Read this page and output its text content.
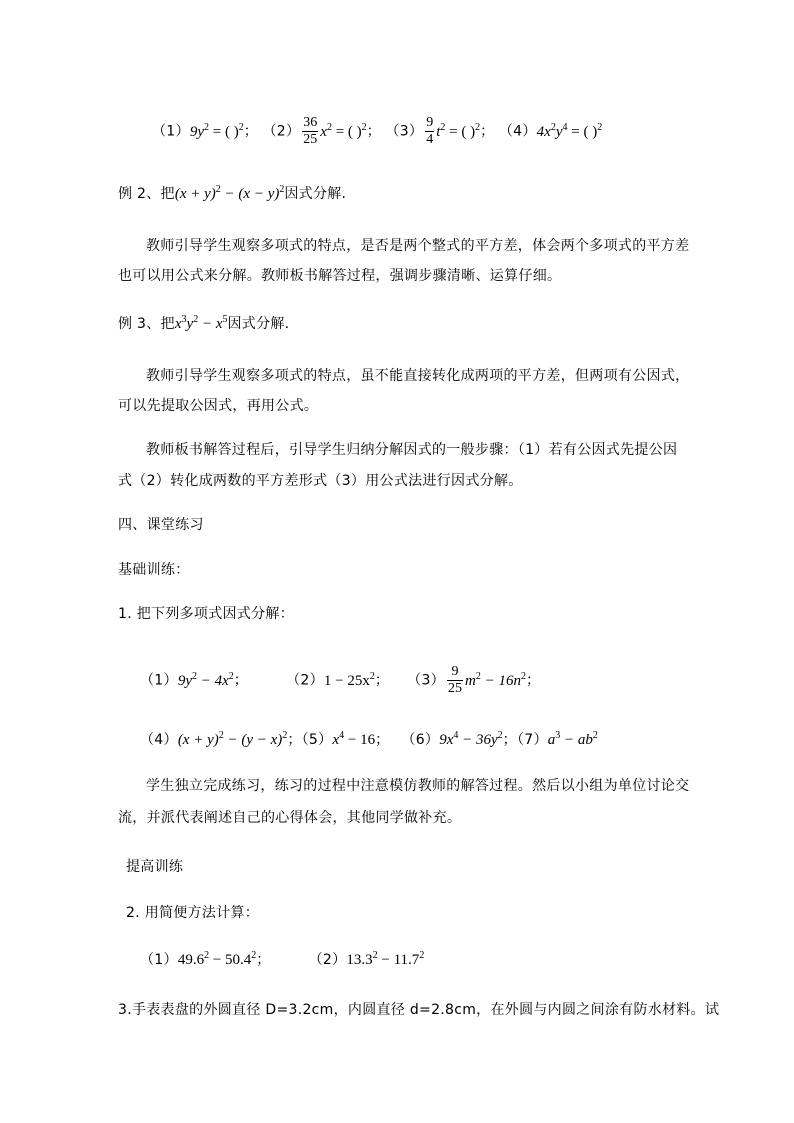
$(1)9y^2$ = ( )$^2$； $(2) \frac{36}{25} x^2$ = ( )$^2$； $(3) \frac{9}{4} t^2$ = ( )$^2$； $(4)4x^2y^4$ = ( )$^2$
例 2、把$(x + y)^2 - (x - y)^2$因式分解.
教师引导学生观察多项式的特点，是否是两个整式的平方差，体会两个多项式的平方差
也可以用公式来分解。教师板书解答过程，强调步骤清晰、运算仔细。
例 3、把$x^3y^2 - x^5$因式分解.
教师引导学生观察多项式的特点，虽不能直接转化成两项的平方差，但两项有公因式，
可以先提取公因式，再用公式。
教师板书解答过程后，引导学生归纳分解因式的一般步骤：（1）若有公因式先提公因
式（2）转化成两数的平方差形式（3）用公式法进行因式分解。
四、课堂练习
基础训练：
1. 把下列多项式因式分解：
$(1)9y^2 - 4x^2$；	$(2)1 - 25x^2$； $(3) \frac{9}{25} m^2 - 16n^2$；
$(4)(x + y)^2 - (y - x)^2$；$(5)x^4 - 16$； $(6)9x^4 - 36y^2$；$(7)a^3 - ab^2$
学生独立完成练习，练习的过程中注意模仿教师的解答过程。然后以小组为单位讨论交
流，并派代表阐述自己的心得体会，其他同学做补充。
提高训练
2. 用简便方法计算：
$(1)49.6^2 - 50.4^2$；	$(2)13.3^2 - 11.7^2$
3.手表表盘的外圆直径 D=3.2cm，内圆直径 d=2.8cm，在外圆与内圆之间涂有防水材料。试
